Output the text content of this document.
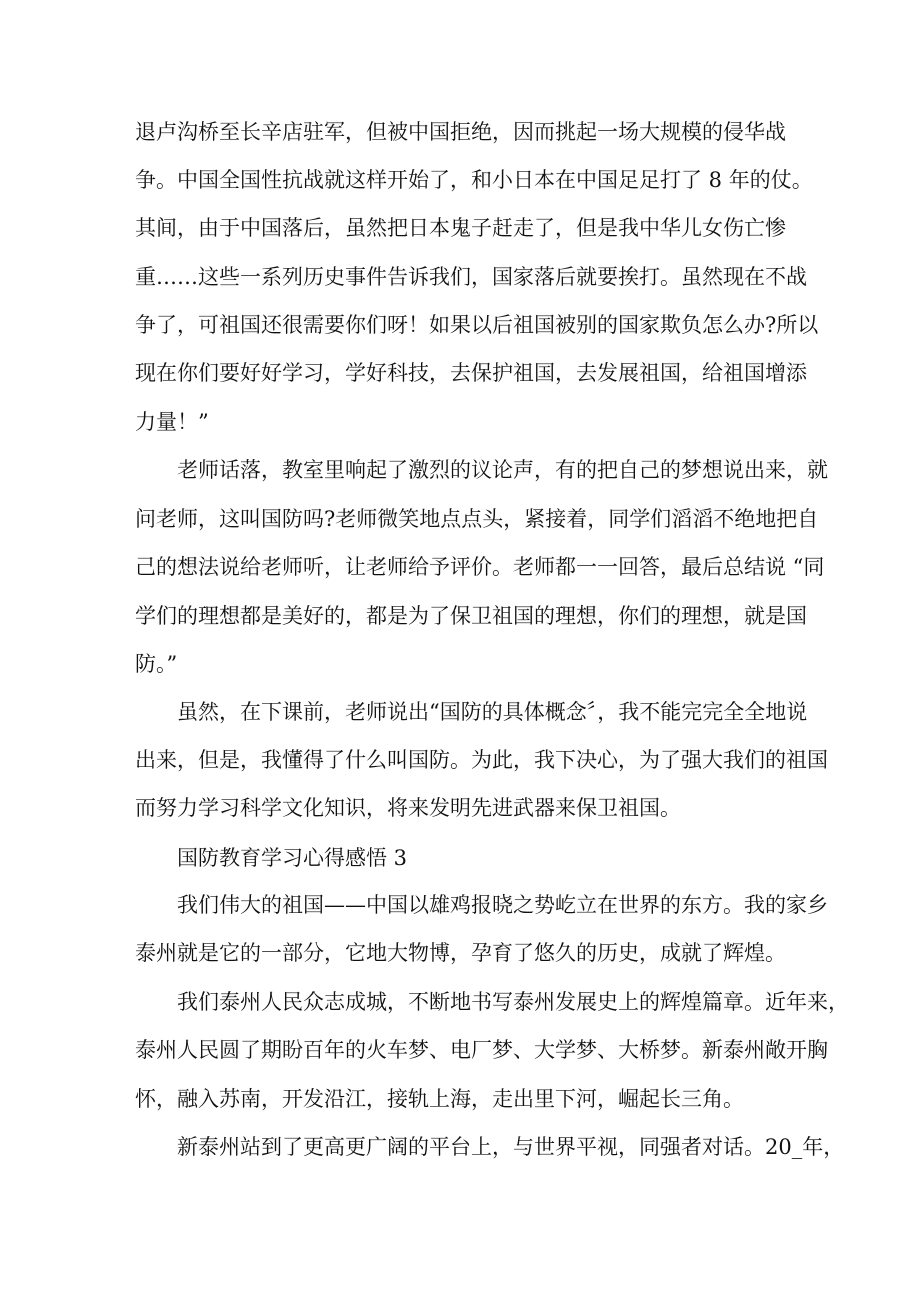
退卢沟桥至长辛店驻军，但被中国拒绝，因而挑起一场大规模的侵华战
争。中国全国性抗战就这样开始了，和小日本在中国足足打了 8 年的仗。
其间，由于中国落后，虽然把日本鬼子赶走了，但是我中华儿女伤亡惨
重……这些一系列历史事件告诉我们，国家落后就要挨打。虽然现在不战
争了，可祖国还很需要你们呀！如果以后祖国被别的国家欺负怎么办?所以
现在你们要好好学习，学好科技，去保护祖国，去发展祖国，给祖国增添
力量！”
老师话落，教室里响起了激烈的议论声，有的把自己的梦想说出来，就
问老师，这叫国防吗?老师微笑地点点头，紧接着，同学们滔滔不绝地把自
己的想法说给老师听，让老师给予评价。老师都一一回答，最后总结说 “同
学们的理想都是美好的，都是为了保卫祖国的理想，你们的理想，就是国
防。”
虽然，在下课前，老师说出“国防的具体概念〞，我不能完完全全地说
出来，但是，我懂得了什么叫国防。为此，我下决心，为了强大我们的祖国
而努力学习科学文化知识，将来发明先进武器来保卫祖国。
国防教育学习心得感悟 3
我们伟大的祖国——中国以雄鸡报晓之势屹立在世界的东方。我的家乡
泰州就是它的一部分，它地大物博，孕育了悠久的历史，成就了辉煌。
我们泰州人民众志成城，不断地书写泰州发展史上的辉煌篇章。近年来，
泰州人民圆了期盼百年的火车梦、电厂梦、大学梦、大桥梦。新泰州敞开胸
怀，融入苏南，开发沿江，接轨上海，走出里下河，崛起长三角。
新泰州站到了更高更广阔的平台上，与世界平视，同强者对话。20_年，
